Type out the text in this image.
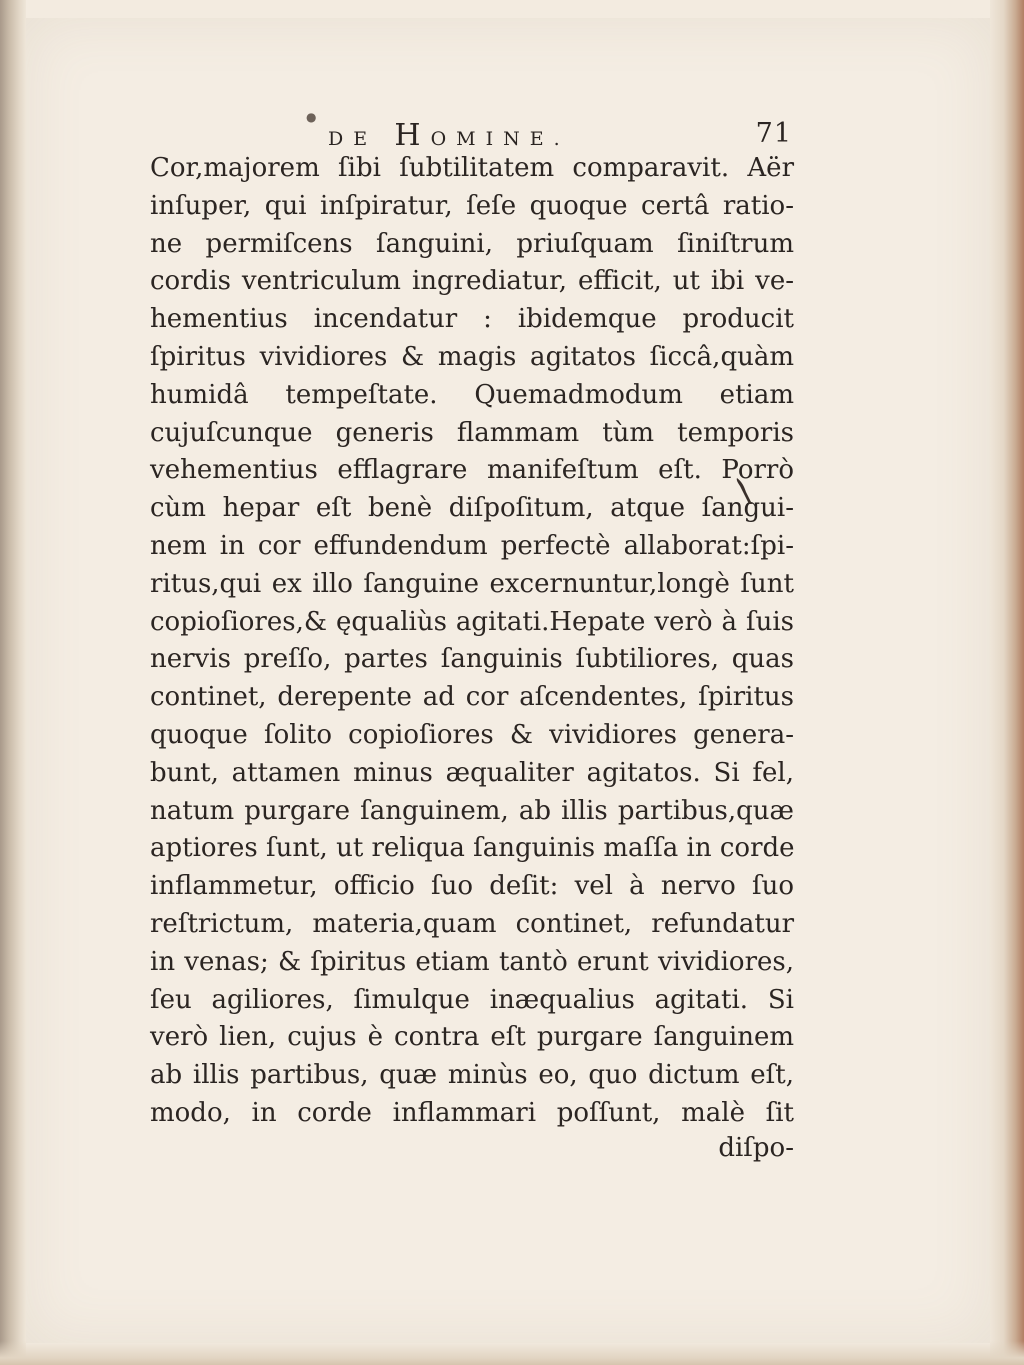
●
DE HOMINE.	71
Cor,majorem ſibi ſubtilitatem comparavit. Aër
inſuper, qui inſpiratur, ſeſe quoque certâ ratio-
ne permiſcens ſanguini, priuſquam ſiniſtrum
cordis ventriculum ingrediatur, efficit, ut ibi ve-
hementius incendatur : ibidemque producit
ſpiritus vividiores & magis agitatos ſiccâ,quàm
humidâ tempeſtate. Quemadmodum etiam
cujuſcunque generis flammam tùm temporis
vehementius efflagrare manifeſtum eſt. Porrò
cùm hepar eſt benè diſpoſitum, atque ſangui-
nem in cor effundendum perfectè allaborat:ſpi-
ritus,qui ex illo ſanguine excernuntur,longè ſunt
copioſiores,& ęqualiùs agitati.Hepate verò à ſuis
nervis preſſo, partes ſanguinis ſubtiliores, quas
continet, derepente ad cor aſcendentes, ſpiritus
quoque ſolito copioſiores & vividiores genera-
bunt, attamen minus æqualiter agitatos. Si fel,
natum purgare ſanguinem, ab illis partibus,quæ
aptiores ſunt, ut reliqua ſanguinis maſſa in corde
inflammetur, officio ſuo deſit: vel à nervo ſuo
reſtrictum, materia,quam continet, refundatur
in venas; & ſpiritus etiam tantò erunt vividiores,
ſeu agiliores, ſimulque inæqualius agitati. Si
verò lien, cujus è contra eſt purgare ſanguinem
ab illis partibus, quæ minùs eo, quo dictum eſt,
modo, in corde inflammari poſſunt, malè ſit
diſpo-
